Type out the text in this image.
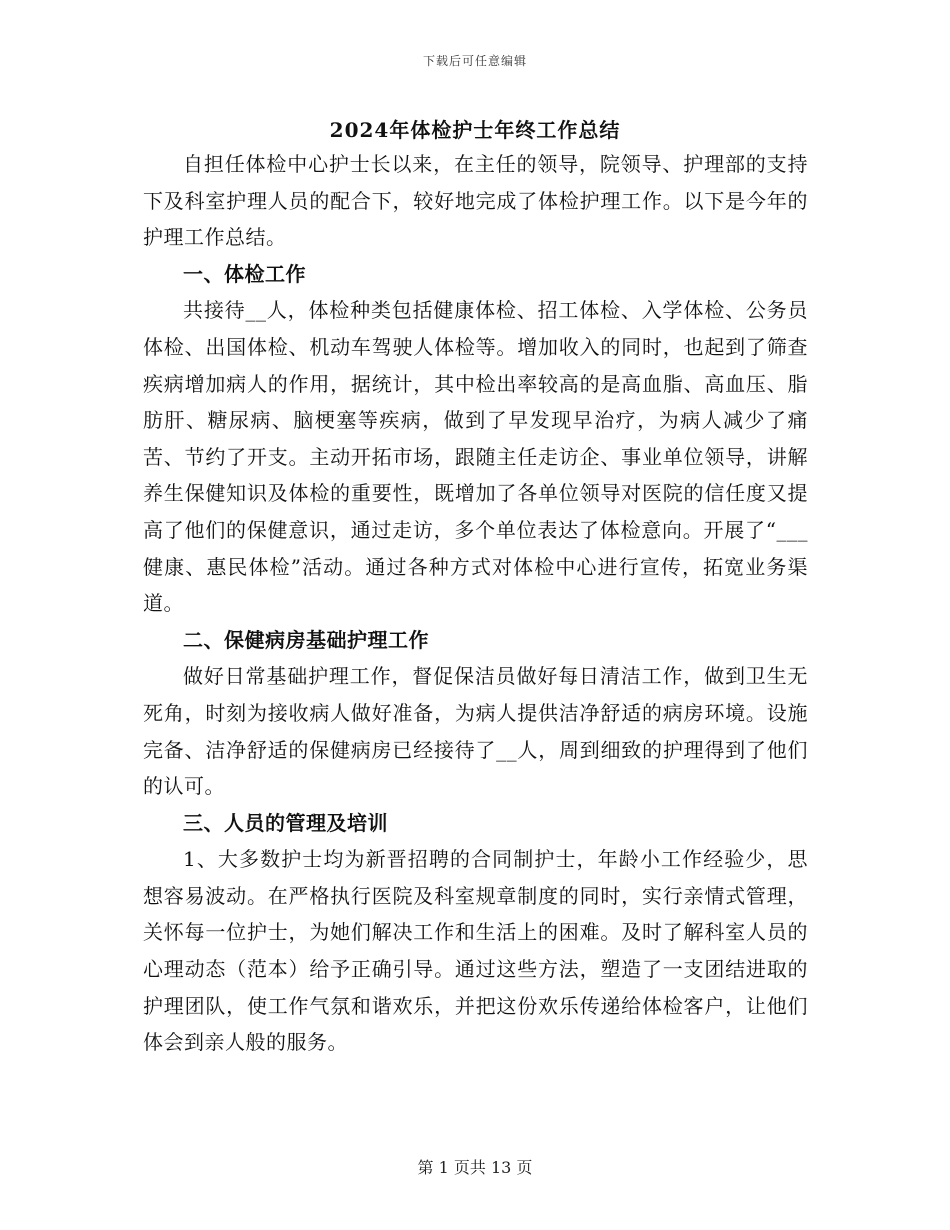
下载后可任意编辑
2024年体检护士年终工作总结

自担任体检中心护士长以来，在主任的领导，院领导、护理部的支持下及科室护理人员的配合下，较好地完成了体检护理工作。以下是今年的护理工作总结。

一、体检工作

共接待__人，体检种类包括健康体检、招工体检、入学体检、公务员体检、出国体检、机动车驾驶人体检等。增加收入的同时，也起到了筛查疾病增加病人的作用，据统计，其中检出率较高的是高血脂、高血压、脂肪肝、糖尿病、脑梗塞等疾病，做到了早发现早治疗，为病人减少了痛苦、节约了开支。主动开拓市场，跟随主任走访企、事业单位领导，讲解养生保健知识及体检的重要性，既增加了各单位领导对医院的信任度又提高了他们的保健意识，通过走访，多个单位表达了体检意向。开展了“___健康、惠民体检”活动。通过各种方式对体检中心进行宣传，拓宽业务渠道。

二、保健病房基础护理工作

做好日常基础护理工作，督促保洁员做好每日清洁工作，做到卫生无死角，时刻为接收病人做好准备，为病人提供洁净舒适的病房环境。设施完备、洁净舒适的保健病房已经接待了__人，周到细致的护理得到了他们的认可。

三、人员的管理及培训

1、大多数护士均为新晋招聘的合同制护士，年龄小工作经验少，思想容易波动。在严格执行医院及科室规章制度的同时，实行亲情式管理，关怀每一位护士，为她们解决工作和生活上的困难。及时了解科室人员的心理动态（范本）给予正确引导。通过这些方法，塑造了一支团结进取的护理团队，使工作气氛和谐欢乐，并把这份欢乐传递给体检客户，让他们体会到亲人般的服务。

第 1 页共 13 页
